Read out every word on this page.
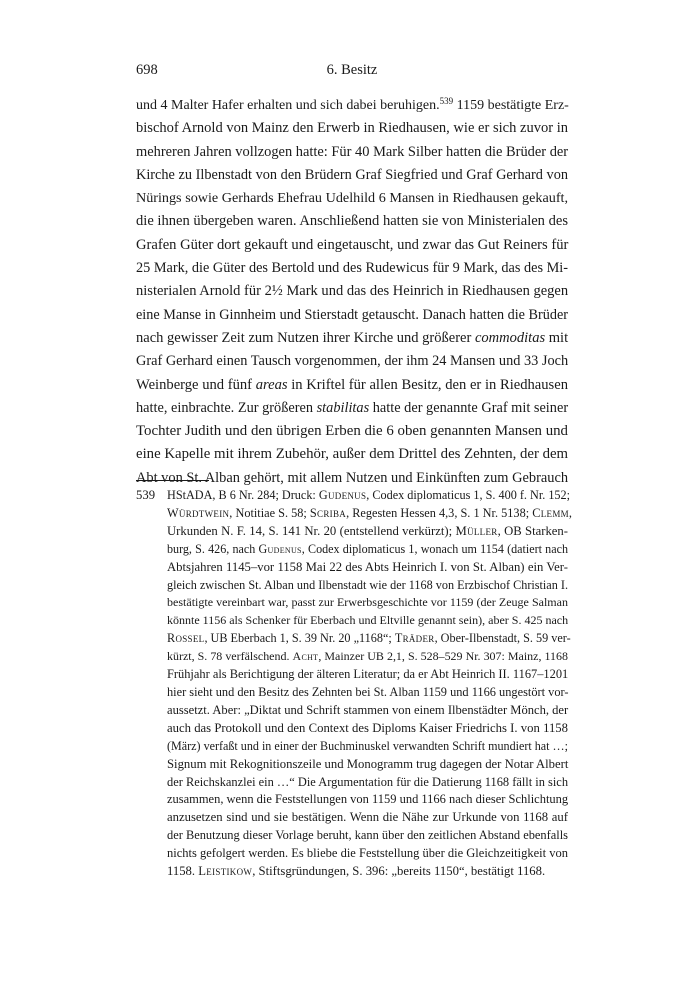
698	6. Besitz
und 4 Malter Hafer erhalten und sich dabei beruhigen.$^{539}$ 1159 bestätigte Erz-
bischof Arnold von Mainz den Erwerb in Riedhausen, wie er sich zuvor in
mehreren Jahren vollzogen hatte: Für 40 Mark Silber hatten die Brüder der
Kirche zu Ilbenstadt von den Brüdern Graf Siegfried und Graf Gerhard von
Nürings sowie Gerhards Ehefrau Udelhild 6 Mansen in Riedhausen gekauft,
die ihnen übergeben waren. Anschließend hatten sie von Ministerialen des
Grafen Güter dort gekauft und eingetauscht, und zwar das Gut Reiners für
25 Mark, die Güter des Bertold und des Rudewicus für 9 Mark, das des Mi-
nisterialen Arnold für 2½ Mark und das des Heinrich in Riedhausen gegen
eine Manse in Ginnheim und Stierstadt getauscht. Danach hatten die Brüder
nach gewisser Zeit zum Nutzen ihrer Kirche und größerer commoditas mit
Graf Gerhard einen Tausch vorgenommen, der ihm 24 Mansen und 33 Joch
Weinberge und fünf areas in Kriftel für allen Besitz, den er in Riedhausen
hatte, einbrachte. Zur größeren stabilitas hatte der genannte Graf mit seiner
Tochter Judith und den übrigen Erben die 6 oben genannten Mansen und
eine Kapelle mit ihrem Zubehör, außer dem Drittel des Zehnten, der dem
Abt von St. Alban gehört, mit allem Nutzen und Einkünften zum Gebrauch
539 HStADA, B 6 Nr. 284; Druck: Gudenus, Codex diplomaticus 1, S. 400 f. Nr. 152;
Würdtwein, Notitiae S. 58; Scriba, Regesten Hessen 4,3, S. 1 Nr. 5138; Clemm,
Urkunden N. F. 14, S. 141 Nr. 20 (entstellend verkürzt); Müller, OB Starken-
burg, S. 426, nach Gudenus, Codex diplomaticus 1, wonach um 1154 (datiert nach
Abtsjahren 1145–vor 1158 Mai 22 des Abts Heinrich I. von St. Alban) ein Ver-
gleich zwischen St. Alban und Ilbenstadt wie der 1168 von Erzbischof Christian I.
bestätigte vereinbart war, passt zur Erwerbsgeschichte vor 1159 (der Zeuge Salman
könnte 1156 als Schenker für Eberbach und Eltville genannt sein), aber S. 425 nach
Rossel, UB Eberbach 1, S. 39 Nr. 20 „1168“; Träder, Ober-Ilbenstadt, S. 59 ver-
kürzt, S. 78 verfälschend. Acht, Mainzer UB 2,1, S. 528–529 Nr. 307: Mainz, 1168
Frühjahr als Berichtigung der älteren Literatur; da er Abt Heinrich II. 1167–1201
hier sieht und den Besitz des Zehnten bei St. Alban 1159 und 1166 ungestört vor-
aussetzt. Aber: „Diktat und Schrift stammen von einem Ilbenstädter Mönch, der
auch das Protokoll und den Context des Diploms Kaiser Friedrichs I. von 1158
(März) verfaßt und in einer der Buchminuskel verwandten Schrift mundiert hat …;
Signum mit Rekognitionszeile und Monogramm trug dagegen der Notar Albert
der Reichskanzlei ein …“ Die Argumentation für die Datierung 1168 fällt in sich
zusammen, wenn die Feststellungen von 1159 und 1166 nach dieser Schlichtung
anzusetzen sind und sie bestätigen. Wenn die Nähe zur Urkunde von 1168 auf
der Benutzung dieser Vorlage beruht, kann über den zeitlichen Abstand ebenfalls
nichts gefolgert werden. Es bliebe die Feststellung über die Gleichzeitigkeit von
1158. Leistikow, Stiftsgründungen, S. 396: „bereits 1150“, bestätigt 1168.
